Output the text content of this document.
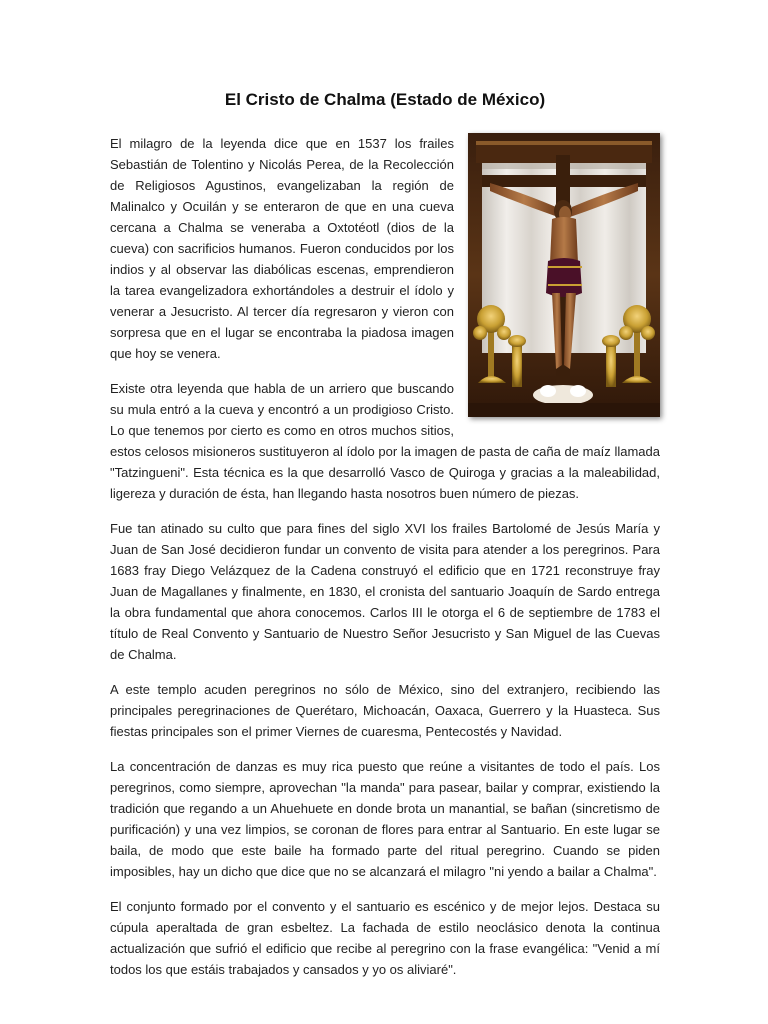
El Cristo de Chalma (Estado de México)

El milagro de la leyenda dice que en 1537 los frailes Sebastián de Tolentino y Nicolás Perea, de la Recolección de Religiosos Agustinos, evangelizaban la región de Malinalco y Ocuilán y se enteraron de que en una cueva cercana a Chalma se veneraba a Oxtotéotl (dios de la cueva) con sacrificios humanos. Fueron conducidos por los indios y al observar las diabólicas escenas, emprendieron la tarea evangelizadora exhortándoles a destruir el ídolo y venerar a Jesucristo. Al tercer día regresaron y vieron con sorpresa que en el lugar se encontraba la piadosa imagen que hoy se venera.

Existe otra leyenda que habla de un arriero que buscando su mula entró a la cueva y encontró a un prodigioso Cristo. Lo que tenemos por cierto es como en otros muchos sitios, estos celosos misioneros sustituyeron al ídolo por la imagen de pasta de caña de maíz llamada "Tatzingueni". Esta técnica es la que desarrolló Vasco de Quiroga y gracias a la maleabilidad, ligereza y duración de ésta, han llegando hasta nosotros buen número de piezas.

Fue tan atinado su culto que para fines del siglo XVI los frailes Bartolomé de Jesús María y Juan de San José decidieron fundar un convento de visita para atender a los peregrinos. Para 1683 fray Diego Velázquez de la Cadena construyó el edificio que en 1721 reconstruye fray Juan de Magallanes y finalmente, en 1830, el cronista del santuario Joaquín de Sardo entrega la obra fundamental que ahora conocemos. Carlos III le otorga el 6 de septiembre de 1783 el título de Real Convento y Santuario de Nuestro Señor Jesucristo y San Miguel de las Cuevas de Chalma.

A este templo acuden peregrinos no sólo de México, sino del extranjero, recibiendo las principales peregrinaciones de Querétaro, Michoacán, Oaxaca, Guerrero y la Huasteca. Sus fiestas principales son el primer Viernes de cuaresma, Pentecostés y Navidad.

La concentración de danzas es muy rica puesto que reúne a visitantes de todo el país. Los peregrinos, como siempre, aprovechan "la manda" para pasear, bailar y comprar, existiendo la tradición que regando a un Ahuehuete en donde brota un manantial, se bañan (sincretismo de purificación) y una vez limpios, se coronan de flores para entrar al Santuario. En este lugar se baila, de modo que este baile ha formado parte del ritual peregrino. Cuando se piden imposibles, hay un dicho que dice que no se alcanzará el milagro "ni yendo a bailar a Chalma".

El conjunto formado por el convento y el santuario es escénico y de mejor lejos. Destaca su cúpula aperaltada de gran esbeltez. La fachada de estilo neoclásico denota la continua actualización que sufrió el edificio que recibe al peregrino con la frase evangélica: "Venid a mí todos los que estáis trabajados y cansados y yo os aliviaré".
